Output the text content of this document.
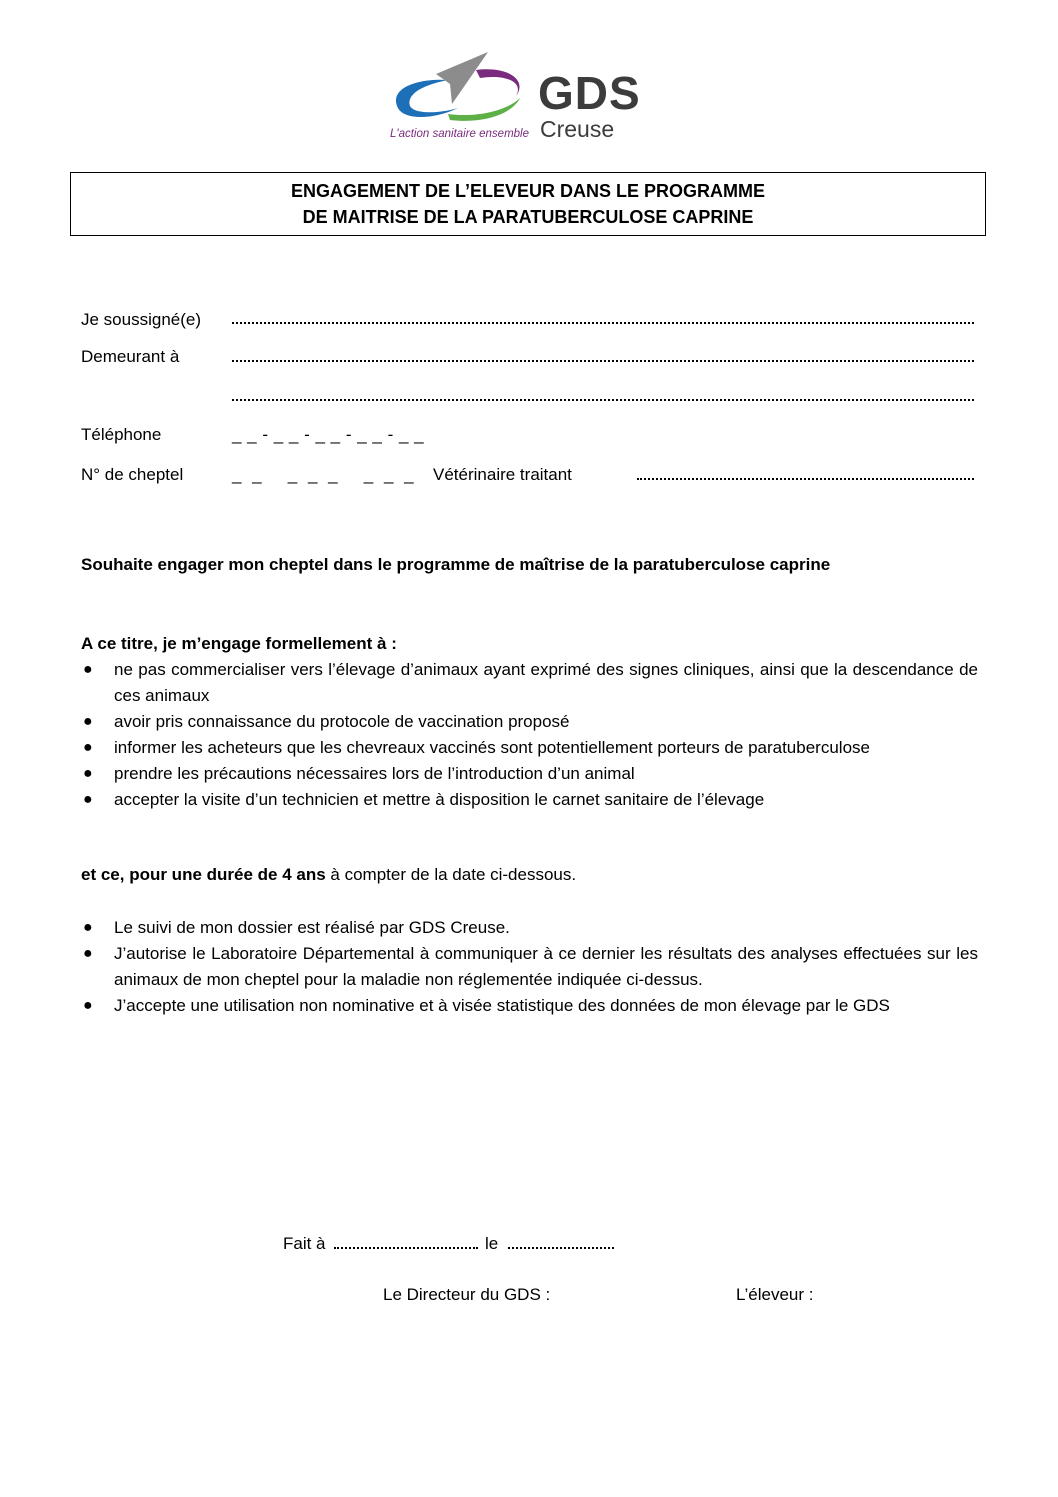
GDS
Creuse
L'action sanitaire ensemble
ENGAGEMENT DE L’ELEVEUR DANS LE PROGRAMME
DE MAITRISE DE LA PARATUBERCULOSE CAPRINE
Je soussigné(e)
Demeurant à
Téléphone	_ _ - _ _ - _ _ - _ _ - _ _
N° de cheptel	_ _   _ _ _   _ _ _ Vétérinaire traitant
Souhaite engager mon cheptel dans le programme de maîtrise de la paratuberculose caprine
A ce titre, je m’engage formellement à :
● ne pas commercialiser vers l’élevage d’animaux ayant exprimé des signes cliniques, ainsi que la descendance de ces animaux
● avoir pris connaissance du protocole de vaccination proposé
● informer les acheteurs que les chevreaux vaccinés sont potentiellement porteurs de paratuberculose
● prendre les précautions nécessaires lors de l’introduction d’un animal
● accepter la visite d’un technicien et mettre à disposition le carnet sanitaire de l’élevage
et ce, pour une durée de 4 ans à compter de la date ci-dessous.
● Le suivi de mon dossier est réalisé par GDS Creuse.
● J’autorise le Laboratoire Départemental à communiquer à ce dernier les résultats des analyses effectuées sur les animaux de mon cheptel pour la maladie non réglementée indiquée ci-dessus.
● J’accepte une utilisation non nominative et à visée statistique des données de mon élevage par le GDS
Fait à	le
Le Directeur du GDS :	L’éleveur :
